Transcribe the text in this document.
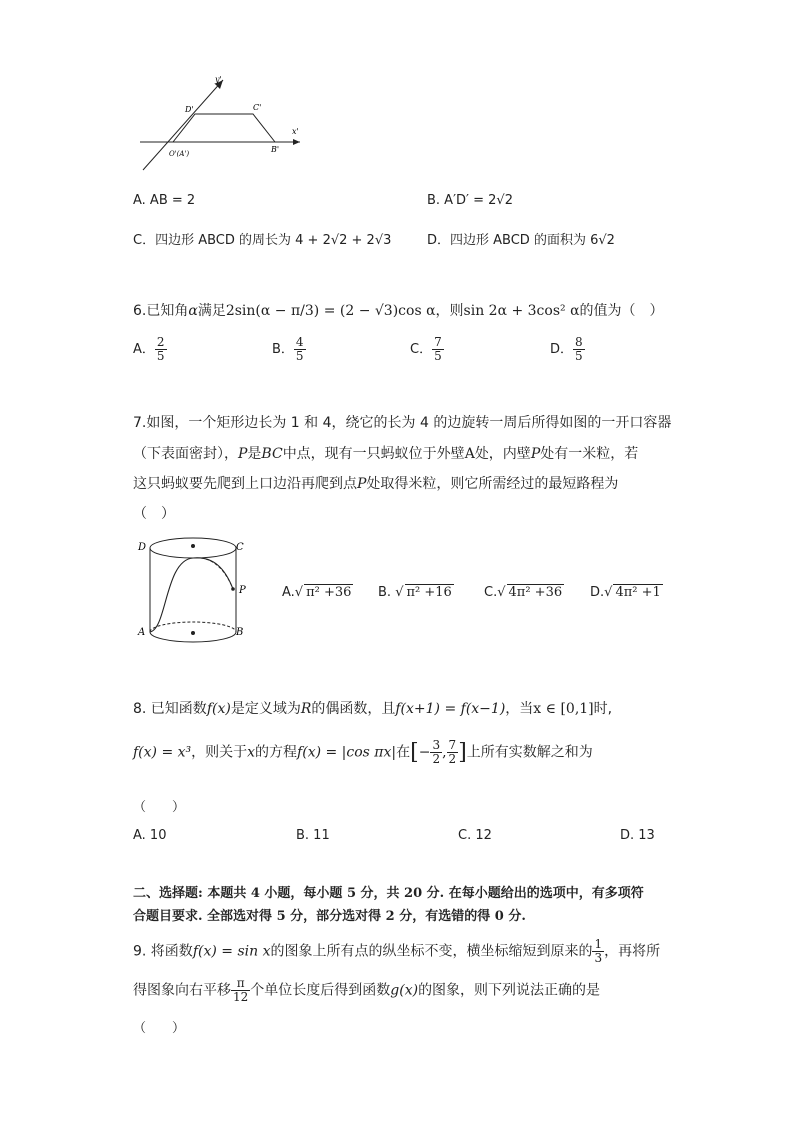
y'
x'
D'	C'
O'(A')	B'
A. AB = 2	B. A′D′ = 2√2
C．四边形 ABCD 的周长为 4 + 2√2 + 2√3	D．四边形 ABCD 的面积为 6√2
6.已知角α满足2sin(α − π/3) = (2 − √3)cos α，则sin 2α + 3cos² α的值为（　）
A． $\frac{2}{5}$	B． $\frac{4}{5}$	C． $\frac{7}{5}$	D． $\frac{8}{5}$
7.如图，一个矩形边长为 1 和 4，绕它的长为 4 的边旋转一周后所得如图的一开口容器
（下表面密封），P是BC中点，现有一只蚂蚁位于外壁A处，内壁P处有一米粒，若
这只蚂蚁要先爬到上口边沿再爬到点P处取得米粒，则它所需经过的最短路程为
（　）
D	C
P
A	B
A.√ π² +36 B. √ π² +16 C.√ 4π² +36 D.√ 4π² +1
8. 已知函数f(x)是定义域为R的偶函数，且f(x+1) = f(x−1)，当x ∈ [0,1]时,
f(x) = x³，则关于x的方程f(x) = |cos πx|在[− $\frac{3}{2}$ , $\frac{7}{2}$ ]上所有实数解之和为
（　　）
A. 10	B. 11	C. 12	D. 13
二、选择题: 本题共 4 小题，每小题 5 分，共 20 分. 在每小题给出的选项中，有多项符
合题目要求. 全部选对得 5 分，部分选对得 2 分，有选错的得 0 分.
9. 将函数f(x) = sin x的图象上所有点的纵坐标不变，横坐标缩短到原来的 $\frac{1}{3}$ ，再将所
得图象向右平移 $\frac{\pi}{12}$ 个单位长度后得到函数g(x)的图象，则下列说法正确的是
（　　）
